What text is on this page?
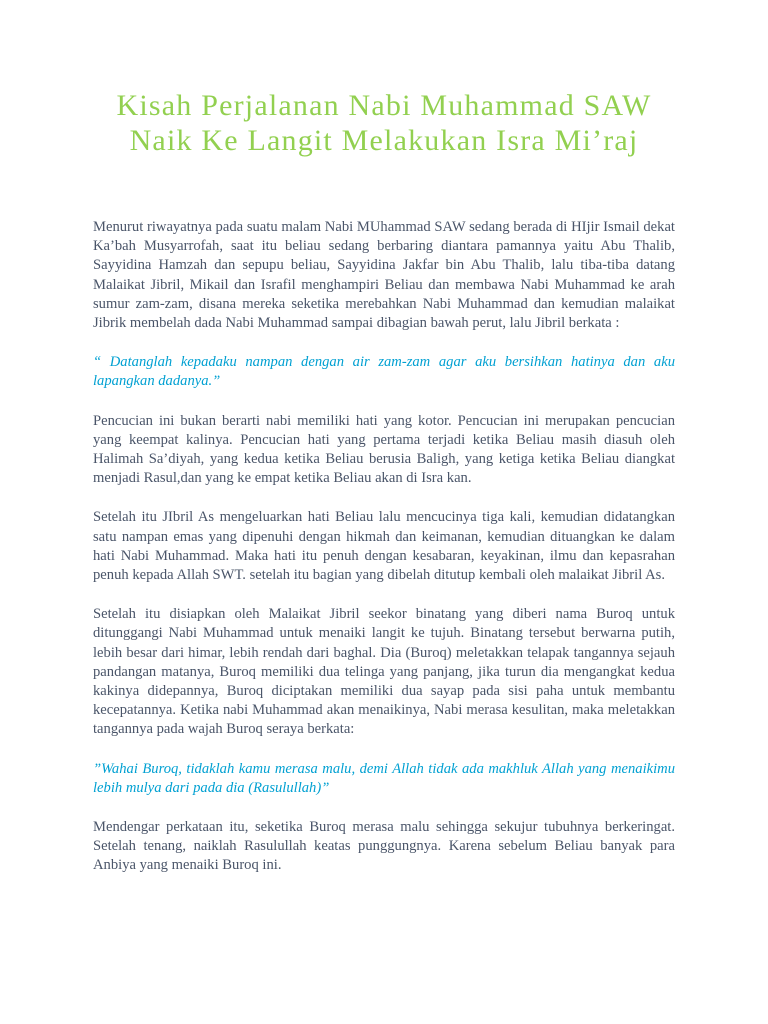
Kisah Perjalanan Nabi Muhammad SAW
Naik Ke Langit Melakukan Isra Mi’raj

Menurut riwayatnya pada suatu malam Nabi MUhammad SAW sedang berada di HIjir Ismail dekat Ka’bah Musyarrofah, saat itu beliau sedang berbaring diantara pamannya yaitu Abu Thalib, Sayyidina Hamzah dan sepupu beliau, Sayyidina Jakfar bin Abu Thalib, lalu tiba-tiba datang Malaikat Jibril, Mikail dan Israfil menghampiri Beliau dan membawa Nabi Muhammad ke arah sumur zam-zam, disana mereka seketika merebahkan Nabi Muhammad dan kemudian malaikat Jibrik membelah dada Nabi Muhammad sampai dibagian bawah perut, lalu Jibril berkata :

“ Datanglah kepadaku nampan dengan air zam-zam agar aku bersihkan hatinya dan aku lapangkan dadanya.”

Pencucian ini bukan berarti nabi memiliki hati yang kotor. Pencucian ini merupakan pencucian yang keempat kalinya. Pencucian hati yang pertama terjadi ketika Beliau masih diasuh oleh Halimah Sa’diyah, yang kedua ketika Beliau berusia Baligh, yang ketiga ketika Beliau diangkat menjadi Rasul,dan yang ke empat ketika Beliau akan di Isra kan.

Setelah itu JIbril As mengeluarkan hati Beliau lalu mencucinya tiga kali, kemudian didatangkan satu nampan emas yang dipenuhi dengan hikmah dan keimanan, kemudian dituangkan ke dalam hati Nabi Muhammad. Maka hati itu penuh dengan kesabaran, keyakinan, ilmu dan kepasrahan penuh kepada Allah SWT. setelah itu bagian yang dibelah ditutup kembali oleh malaikat Jibril As.

Setelah itu disiapkan oleh Malaikat Jibril seekor binatang yang diberi nama Buroq untuk ditunggangi Nabi Muhammad untuk menaiki langit ke tujuh. Binatang tersebut berwarna putih, lebih besar dari himar, lebih rendah dari baghal. Dia (Buroq) meletakkan telapak tangannya sejauh pandangan matanya, Buroq memiliki dua telinga yang panjang, jika turun dia mengangkat kedua kakinya didepannya, Buroq diciptakan memiliki dua sayap pada sisi paha untuk membantu kecepatannya. Ketika nabi Muhammad akan menaikinya, Nabi merasa kesulitan, maka meletakkan tangannya pada wajah Buroq seraya berkata:

”Wahai Buroq, tidaklah kamu merasa malu, demi Allah tidak ada makhluk Allah yang menaikimu lebih mulya dari pada dia (Rasulullah)”

Mendengar perkataan itu, seketika Buroq merasa malu sehingga sekujur tubuhnya berkeringat. Setelah tenang, naiklah Rasulullah keatas punggungnya. Karena sebelum Beliau banyak para Anbiya yang menaiki Buroq ini.
